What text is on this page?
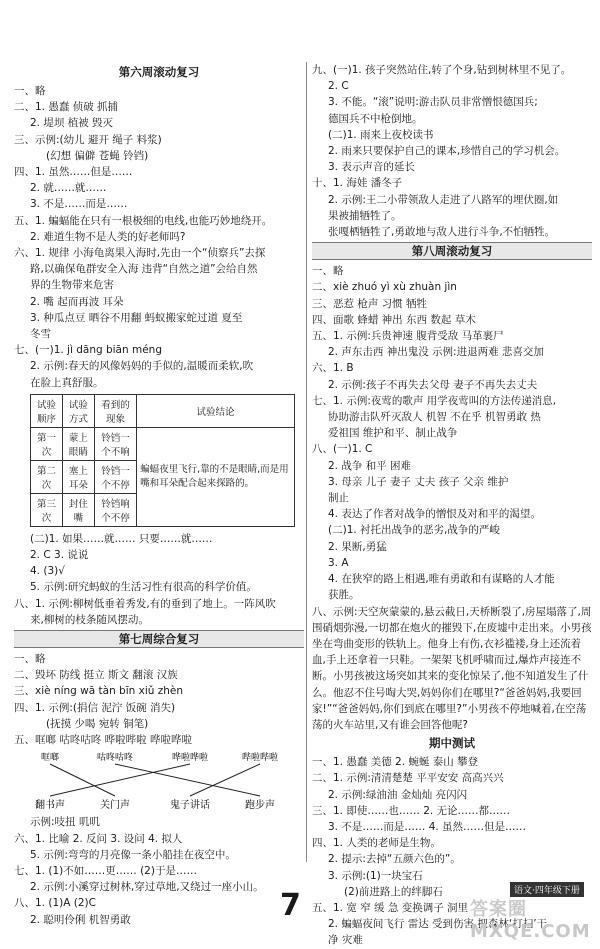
第六周滚动复习
一、略
二、1. 愚蠢 侦破 抓捕
2. 堤坝 植被 毁灭
三、示例:(幼儿 避开 绳子 料浆)
(幻想 偏僻 苍蝇 铃铛)
四、1. 虽然……但是……
2. 就……就……
3. 不是……而是……
五、1. 蝙蝠能在只有一根极细的电线,也能巧妙地绕开。
2. 难道生物不是人类的好老师吗?
六、1. 规律 小海龟离果入海时,先由一个“侦察兵”去探
路,以确保龟群安全入海 违背“自然之道”会给自然
界的生物带来危害
2. 嘴 起而再波 耳朵
3. 种瓜点豆 晒谷不用翻 蚂蚁搬家蛇过道 夏至
冬雪
七、(一)1. jì dāng biān méng
2. 示例:春天的风像妈妈的手似的,温暖而柔软,吹
在脸上真舒服。
试验顺序	试验方式	看到的现象	试验结论
第一次	蒙上眼睛	铃铛一个不响	蝙蝠夜里飞行,靠的不是眼睛,而是用嘴和耳朵配合起来探路的。
第二次	塞上耳朵	铃铛一个不停	
第三次	封住嘴	铃铛响个不停	
(二)1. 如果……就…… 只要……就……
2. C 3. 说说
4. (3)√
5. 示例:研究蚂蚁的生活习性有很高的科学价值。
八、1. 示例:柳树低垂着秀发,有的垂到了地上。一阵风吹
来,柳树的枝条随风摆动。
第七周综合复习
一、略
二、毁坏 防线 挺立 斯文 翻滚 汉族
三、xiè níng wā tàn bīn xiǔ zhèn
四、1. 示例:(捐信 泥泞 饭碗 消失)
(抚摸 少喝 宛转 铜笔)
五、哐啷 咕咚咕咚 哗啦哔啦 哗啦哗啦
哐啷	咕咚咕咚	哗啦哗啦	哔啦哔啦
翻书声	关门声	鬼子讲话	跑步声
示例:吱扭 叽叽
六、1. 比喻 2. 反问 3. 设问 4. 拟人
5. 示例:弯弯的月亮像一条小船挂在夜空中。
七、1. (1)不如……更…… (2)于是……
2. 示例:小溪穿过树林,穿过草地,又绕过一座小山。
八、1. (1)A (2)C
2. 聪明伶俐 机智勇敢
九、(一)1. 孩子突然站住,转了个身,钻到树林里不见了。
2. C
3. 不能。“滚”说明:游击队员非常憎恨德国兵;
德国兵不中枪倒地。
(二)1. 雨来上夜校读书
2. 雨来只要保护自己的课本,珍惜自己的学习机会。
3. 表示声音的延长
十、1. 海娃 潘冬子
2. 示例:王二小带领敌人走进了八路军的埋伏圈,如
果被捕牺牲了。
张嘎栖牺牲了,勇敢地与敌人进行斗争,不怕牺牲。
第八周滚动复习
一、略
二、xiè zhuó yì xù zhuàn jìn
三、恶惹 枪声 习惯 牺牲
四、面歌 蜂蜡 神出 东西 数起 草木
五、1. 示例:兵贵神速 腹背受敌 马革裹尸
2. 声东击西 神出鬼没 示例:进退两难 悲喜交加
六、1. B
2. 示例:孩子不再失去父母 妻子不再失去丈夫
七、1. 示例:夜莺的歌声 用学夜莺叫的方法传递消息,
协助游击队歼灭敌人 机智 不在乎 机智勇敢 热
爱祖国 维护和平、制止战争
八、(一)1. C
2. 战争 和平 困难
3. 母亲 儿子 妻子 丈夫 孩子 父亲 维护
制止
4. 表达了作者对战争的憎恨及对和平的渴望。
(二)1. 衬托出战争的恶劣,战争的严峻
2. 果断,勇猛
3. A
4. 在狭窄的路上相遇,唯有勇敢和有谋略的人才能
获胜。
八、示例:天空灰蒙蒙的,悬云截日,天桥断裂了,房屋塌落了,周围硝烟弥漫,一切都在炮火的摧毁下,在废墟中走出来。小男孩坐在弯曲变形的铁轨上。他身上有伤,衣衫褴褛,身上还流着血,手上还拿着一只鞋。一架架飞机呼啸而过,爆炸声接连不断。小男孩被这场突如其来的变化惊呆了,他不知道发生了什么。他忍不住号啕大哭,妈妈你们在哪里?“爸爸妈妈,我要回家!”“爸爸妈妈,你们到底在哪里?”小男孩不停地喊着,在空荡荡的火车站里,又有谁会回答他呢?
期中测试
一、1. 愚蠢 美德 2. 蜿蜒 泰山 攀登
二、1. 示例:清清楚楚 平平安安 高高兴兴
2. 示例:绿油油 金灿灿 亮闪闪
三、1. 即使……也…… 2. 无论……都……
3. 不是……而是…… 4. 虽然……但是……
四、1. 人类的老师是生物。
2. 提示:去掉“五颜六色的”。
3. 示例:(1)一块宝石
(2)前进路上的绊脚石
五、1. 宽 窄 缓 急 变换调子 洞里
2. 蝙蝠夜间飞行 雷达 受到伤害 把森林‘打扫’干
净 灾难
语文·四年级下册
7	答案圈 MXQE.COM
